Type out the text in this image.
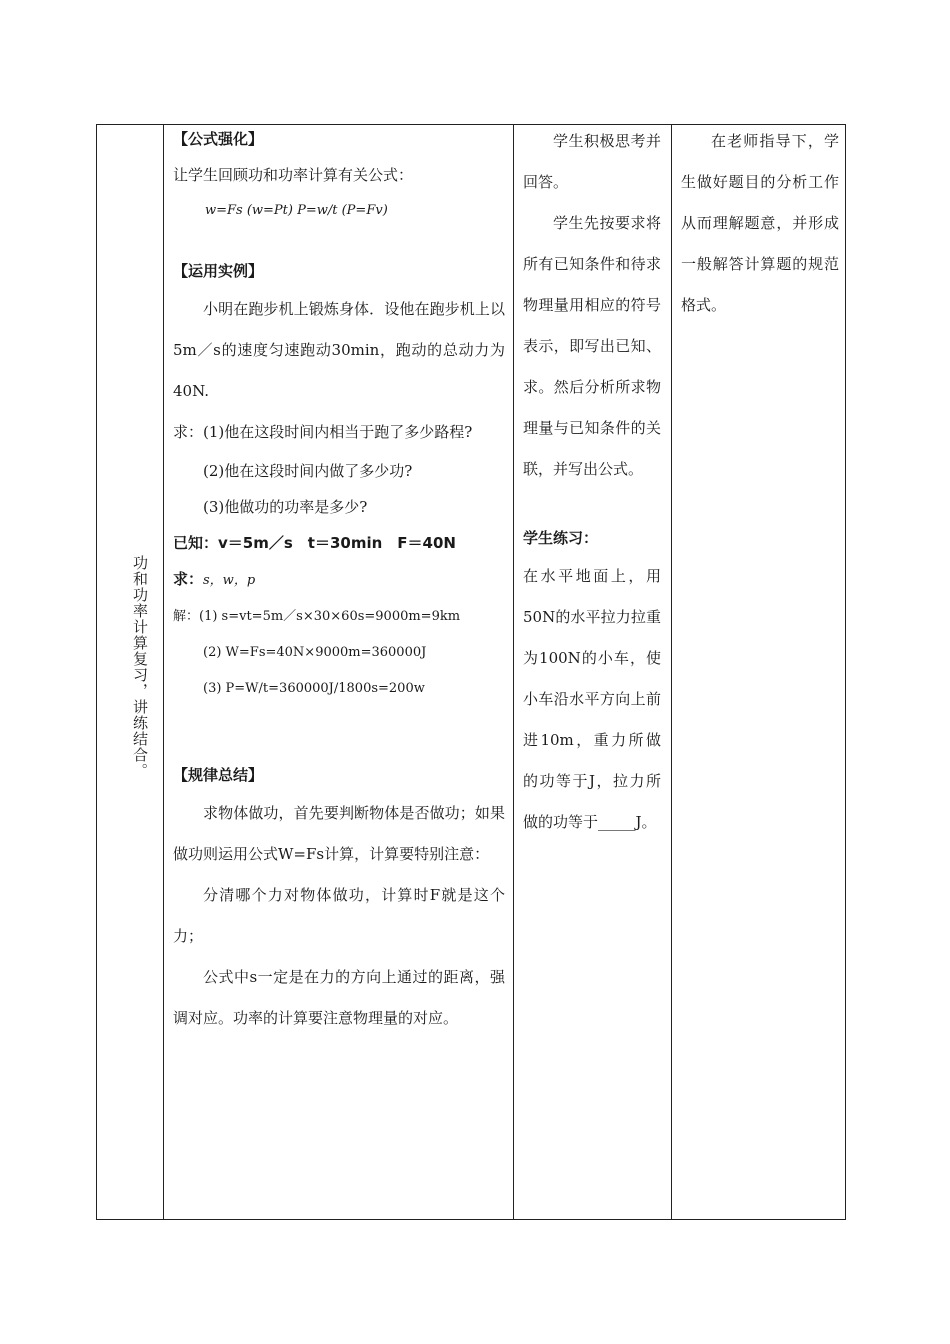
功和功率计算复习，讲练结合。

【公式强化】

让学生回顾功和功率计算有关公式：

w=Fs (w=Pt) P=w/t (P=Fv)

【运用实例】

小明在跑步机上锻炼身体．设他在跑步机上以5m／s的速度匀速跑动30min，跑动的总动力为40N.

求：(1)他在这段时间内相当于跑了多少路程?

(2)他在这段时间内做了多少功?

(3)他做功的功率是多少?

已知：v＝5m／s　t＝30min　F＝40N

求：s，w，p

解：(1) s=vt=5m／s×30×60s=9000m=9km

(2) W=Fs=40N×9000m=360000J

(3) P=W/t=360000J/1800s=200w

【规律总结】

求物体做功，首先要判断物体是否做功；如果做功则运用公式W=Fs计算，计算要特别注意：

分清哪个力对物体做功，计算时F就是这个力；

公式中s一定是在力的方向上通过的距离，强调对应。功率的计算要注意物理量的对应。

学生积极思考并回答。

学生先按要求将所有已知条件和待求物理量用相应的符号表示，即写出已知、求。然后分析所求物理量与已知条件的关联，并写出公式。

学生练习：

在水平地面上，用50N的水平拉力拉重为100N的小车，使小车沿水平方向上前进10m，重力所做的功等于J，拉力所做的功等于_____J。

在老师指导下，学生做好题目的分析工作从而理解题意，并形成一般解答计算题的规范格式。
